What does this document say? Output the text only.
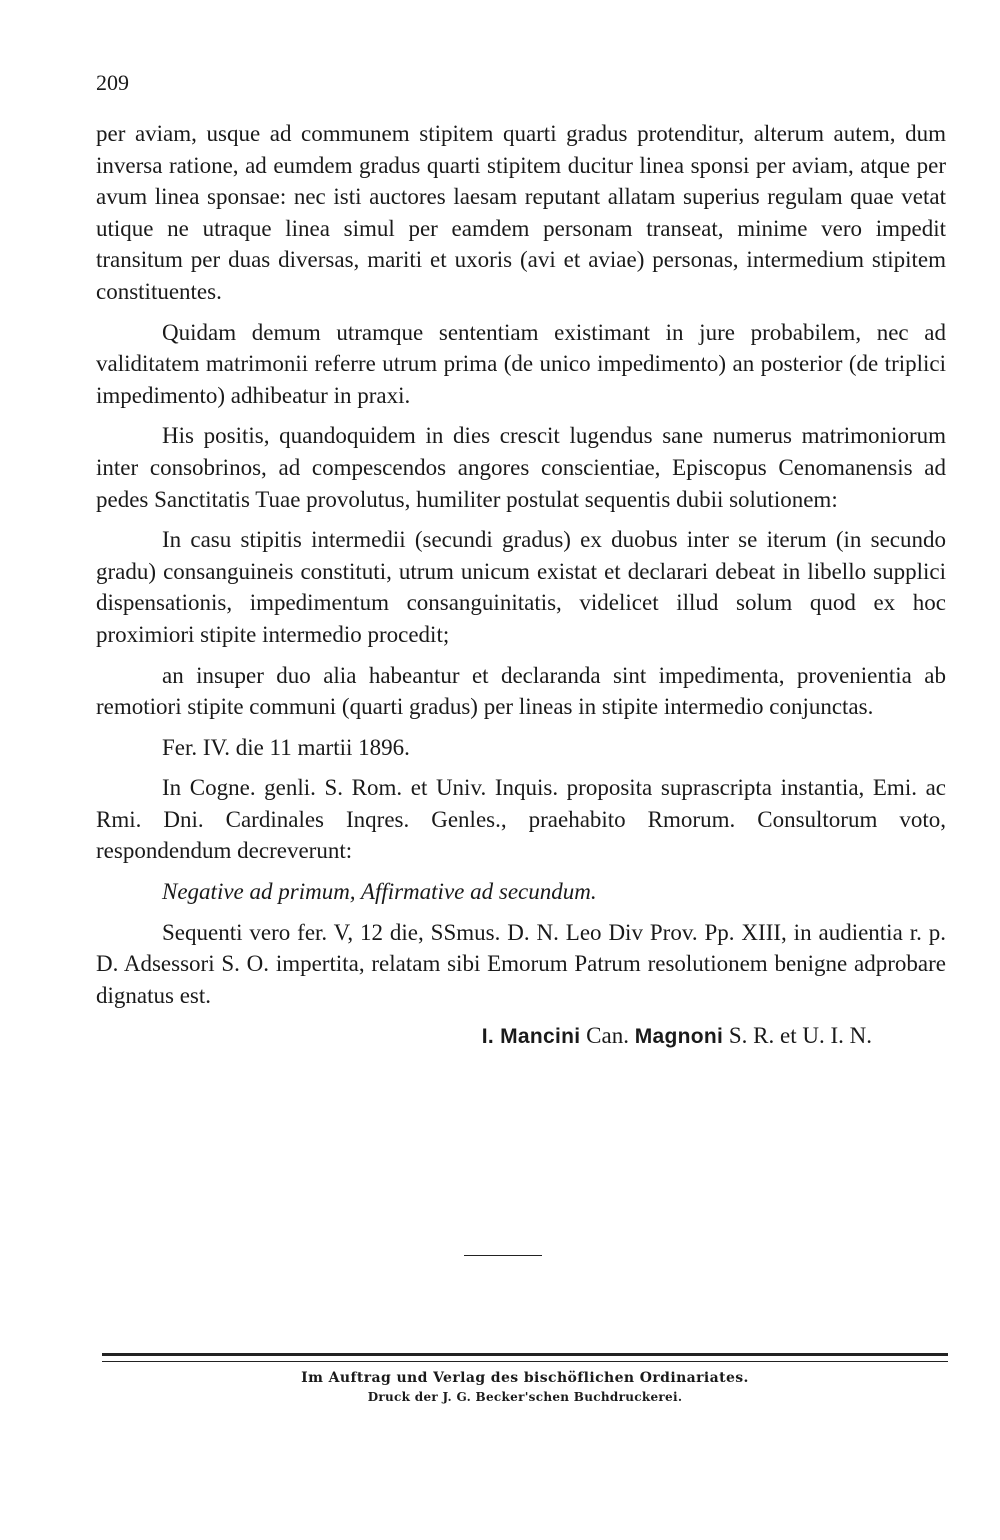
209

per aviam, usque ad communem stipitem quarti gradus protenditur, alterum autem, dum inversa ratione, ad eumdem gradus quarti stipitem ducitur linea sponsi per aviam, atque per avum linea sponsae: nec isti auctores laesam reputant allatam superius regulam quae vetat utique ne utraque linea simul per eamdem personam transeat, minime vero impedit transitum per duas diversas, mariti et uxoris (avi et aviae) personas, intermedium stipitem constituentes.

Quidam demum utramque sententiam existimant in jure probabilem, nec ad validitatem matrimonii referre utrum prima (de unico impedimento) an posterior (de triplici impedimento) adhibeatur in praxi.

His positis, quandoquidem in dies crescit lugendus sane numerus matrimoniorum inter consobrinos, ad compescendos angores conscientiae, Episcopus Cenomanensis ad pedes Sanctitatis Tuae provolutus, humiliter postulat sequentis dubii solutionem:

In casu stipitis intermedii (secundi gradus) ex duobus inter se iterum (in secundo gradu) consanguineis constituti, utrum unicum existat et declarari debeat in libello supplici dispensationis, impedimentum consanguinitatis, videlicet illud solum quod ex hoc proximiori stipite intermedio procedit;

an insuper duo alia habeantur et declaranda sint impedimenta, provenientia ab remotiori stipite communi (quarti gradus) per lineas in stipite intermedio conjunctas.

Fer. IV. die 11 martii 1896.

In Cogne. genli. S. Rom. et Univ. Inquis. proposita suprascripta instantia, Emi. ac Rmi. Dni. Cardinales Inqres. Genles., praehabito Rmorum. Consultorum voto, respondendum decreverunt:

Negative ad primum, Affirmative ad secundum.

Sequenti vero fer. V, 12 die, SSmus. D. N. Leo Div Prov. Pp. XIII, in audientia r. p. D. Adsessori S. O. impertita, relatam sibi Emorum Patrum resolutionem benigne adprobare dignatus est.

I. Mancini Can. Magnoni S. R. et U. I. N.

Im Auftrag und Verlag des bischöflichen Ordinariates.
Druck der J. G. Becker'schen Buchdruckerei.
